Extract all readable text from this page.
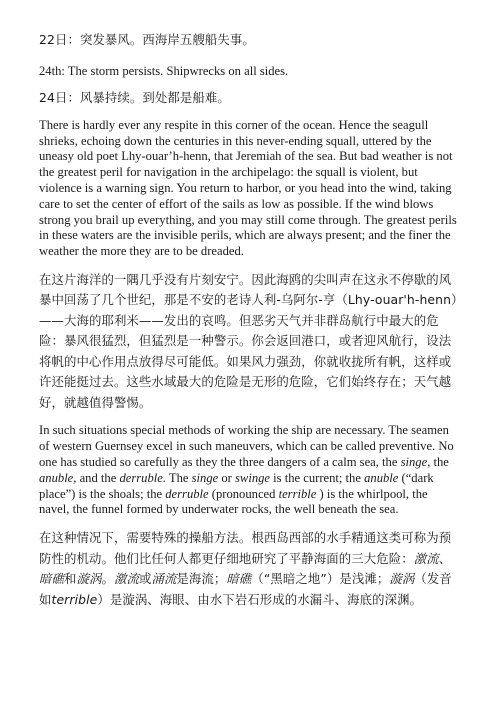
22日：突发暴风。西海岸五艘船失事。

24th: The storm persists. Shipwrecks on all sides.

24日：风暴持续。到处都是船难。

There is hardly ever any respite in this corner of the ocean. Hence the seagull shrieks, echoing down the centuries in this never-ending squall, uttered by the uneasy old poet Lhy-ouar’h-henn, that Jeremiah of the sea. But bad weather is not the greatest peril for navigation in the archipelago: the squall is violent, but violence is a warning sign. You return to harbor, or you head into the wind, taking care to set the center of effort of the sails as low as possible. If the wind blows strong you brail up everything, and you may still come through. The greatest perils in these waters are the invisible perils, which are always present; and the finer the weather the more they are to be dreaded.

在这片海洋的一隅几乎没有片刻安宁。因此海鸥的尖叫声在这永不停歇的风暴中回荡了几个世纪，那是不安的老诗人利-乌阿尔-亨（Lhy-ouar'h-henn）——大海的耶利米——发出的哀鸣。但恶劣天气并非群岛航行中最大的危险：暴风很猛烈，但猛烈是一种警示。你会返回港口，或者迎风航行，设法将帆的中心作用点放得尽可能低。如果风力强劲，你就收拢所有帆，这样或许还能挺过去。这些水域最大的危险是无形的危险，它们始终存在；天气越好，就越值得警惕。

In such situations special methods of working the ship are necessary. The seamen of western Guernsey excel in such maneuvers, which can be called preventive. No one has studied so carefully as they the three dangers of a calm sea, the singe, the anuble, and the derruble. The singe or swinge is the current; the anuble (“dark place”) is the shoals; the derruble (pronounced terrible ) is the whirlpool, the navel, the funnel formed by underwater rocks, the well beneath the sea.

在这种情况下，需要特殊的操船方法。根西岛西部的水手精通这类可称为预防性的机动。他们比任何人都更仔细地研究了平静海面的三大危险：激流、暗礁和漩涡。激流或涌流是海流；暗礁（“黑暗之地”）是浅滩；漩涡（发音如terrible）是漩涡、海眼、由水下岩石形成的水漏斗、海底的深渊。
